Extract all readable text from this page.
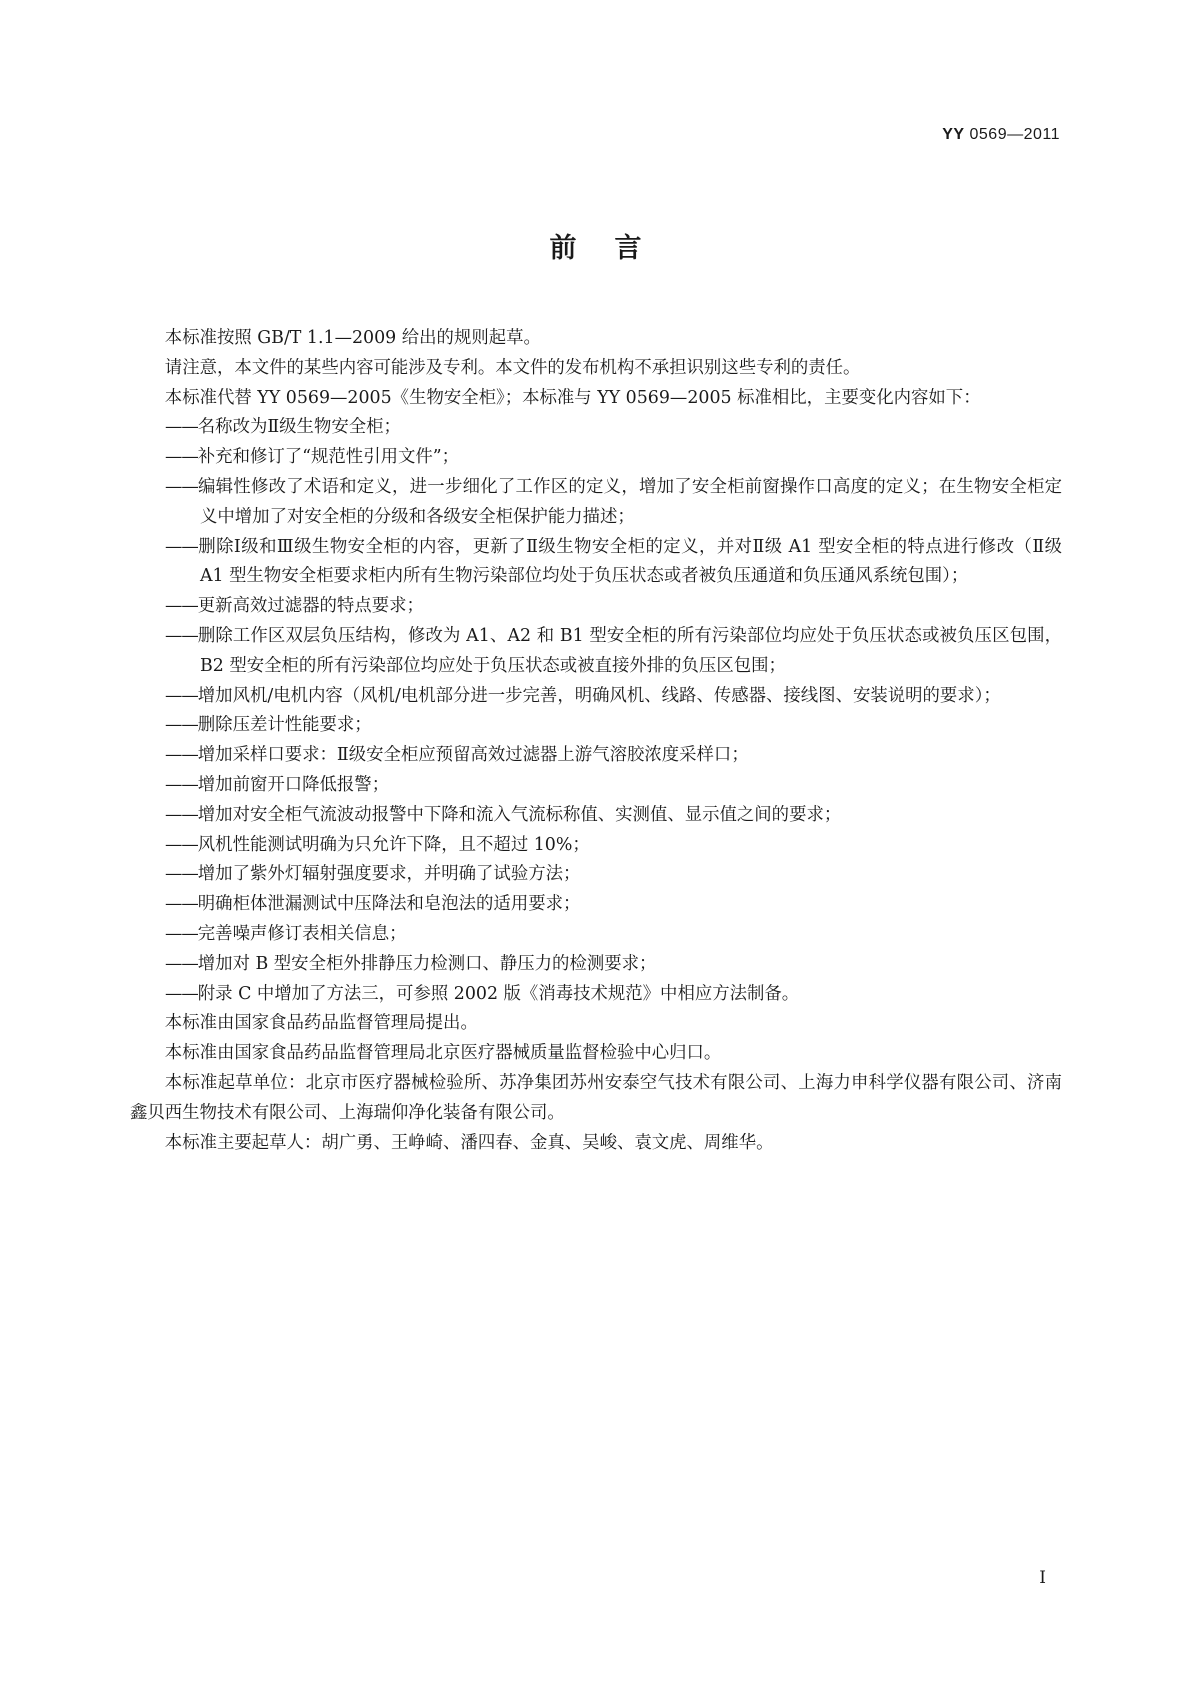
YY 0569—2011
前言

本标准按照 GB/T 1.1—2009 给出的规则起草。

请注意，本文件的某些内容可能涉及专利。本文件的发布机构不承担识别这些专利的责任。

本标准代替 YY 0569—2005《生物安全柜》；本标准与 YY 0569—2005 标准相比，主要变化内容如下：

——名称改为Ⅱ级生物安全柜；

——补充和修订了“规范性引用文件”；

——编辑性修改了术语和定义，进一步细化了工作区的定义，增加了安全柜前窗操作口高度的定义；在生物安全柜定义中增加了对安全柜的分级和各级安全柜保护能力描述；

——删除Ⅰ级和Ⅲ级生物安全柜的内容，更新了Ⅱ级生物安全柜的定义，并对Ⅱ级 A1 型安全柜的特点进行修改（Ⅱ级 A1 型生物安全柜要求柜内所有生物污染部位均处于负压状态或者被负压通道和负压通风系统包围）；

——更新高效过滤器的特点要求；

——删除工作区双层负压结构，修改为 A1、A2 和 B1 型安全柜的所有污染部位均应处于负压状态或被负压区包围，B2 型安全柜的所有污染部位均应处于负压状态或被直接外排的负压区包围；

——增加风机/电机内容（风机/电机部分进一步完善，明确风机、线路、传感器、接线图、安装说明的要求）；

——删除压差计性能要求；

——增加采样口要求：Ⅱ级安全柜应预留高效过滤器上游气溶胶浓度采样口；

——增加前窗开口降低报警；

——增加对安全柜气流波动报警中下降和流入气流标称值、实测值、显示值之间的要求；

——风机性能测试明确为只允许下降，且不超过 10%；

——增加了紫外灯辐射强度要求，并明确了试验方法；

——明确柜体泄漏测试中压降法和皂泡法的适用要求；

——完善噪声修订表相关信息；

——增加对 B 型安全柜外排静压力检测口、静压力的检测要求；

——附录 C 中增加了方法三，可参照 2002 版《消毒技术规范》中相应方法制备。

本标准由国家食品药品监督管理局提出。

本标准由国家食品药品监督管理局北京医疗器械质量监督检验中心归口。

本标准起草单位：北京市医疗器械检验所、苏净集团苏州安泰空气技术有限公司、上海力申科学仪器有限公司、济南鑫贝西生物技术有限公司、上海瑞仰净化装备有限公司。

本标准主要起草人：胡广勇、王峥崎、潘四春、金真、吴峻、袁文虎、周维华。

I
